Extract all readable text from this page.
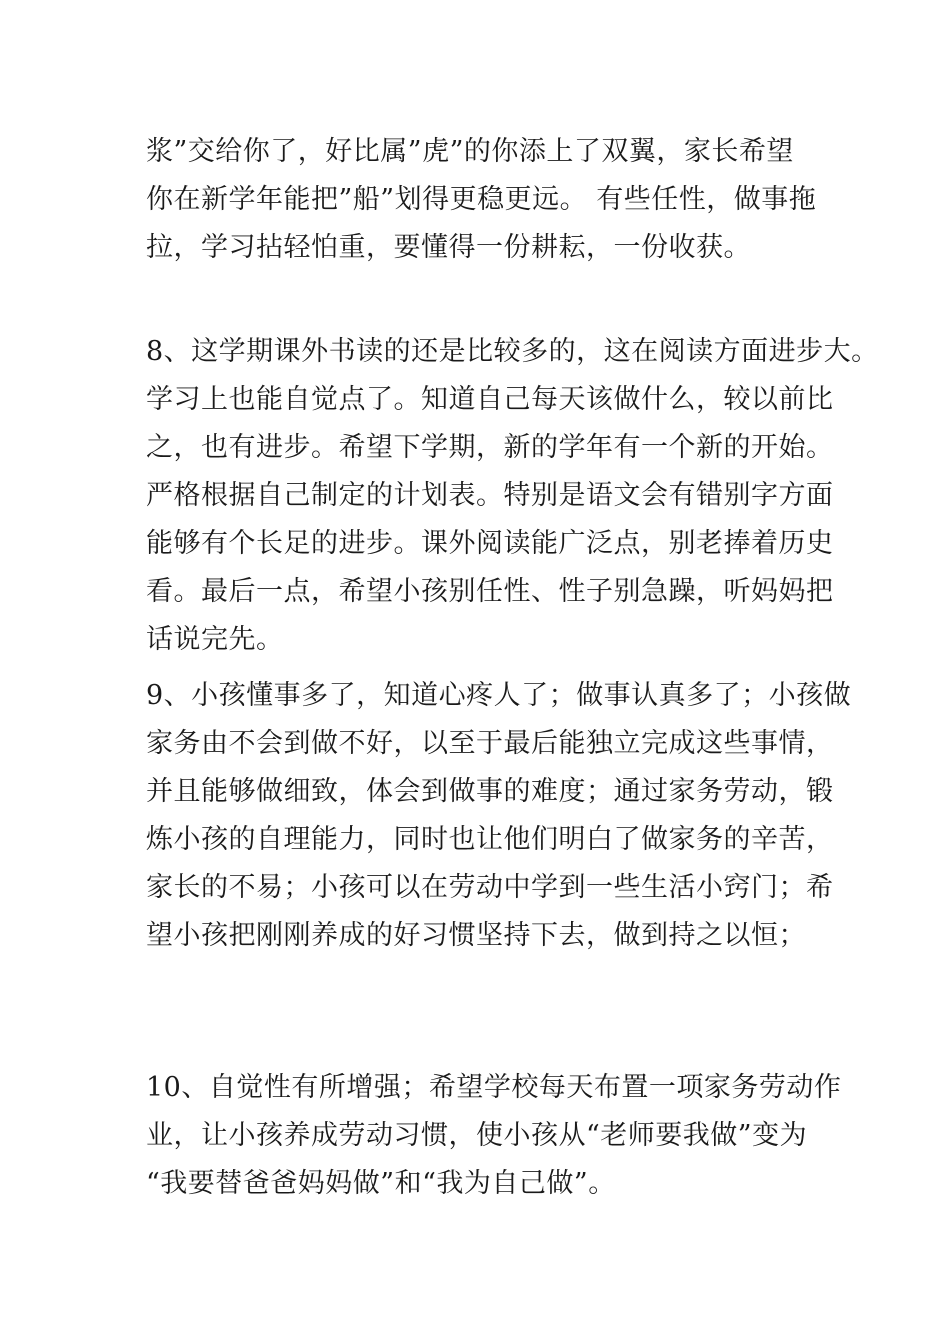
浆”交给你了，好比属”虎”的你添上了双翼，家长希望
你在新学年能把”船”划得更稳更远。 有些任性，做事拖
拉，学习拈轻怕重，要懂得一份耕耘，一份收获。
8、这学期课外书读的还是比较多的，这在阅读方面进步大。
学习上也能自觉点了。知道自己每天该做什么，较以前比
之，也有进步。希望下学期，新的学年有一个新的开始。
严格根据自己制定的计划表。特别是语文会有错别字方面
能够有个长足的进步。课外阅读能广泛点，别老捧着历史
看。最后一点，希望小孩别任性、性子别急躁，听妈妈把
话说完先。
9、小孩懂事多了，知道心疼人了；做事认真多了；小孩做
家务由不会到做不好，以至于最后能独立完成这些事情，
并且能够做细致，体会到做事的难度；通过家务劳动，锻
炼小孩的自理能力，同时也让他们明白了做家务的辛苦，
家长的不易；小孩可以在劳动中学到一些生活小窍门；希
望小孩把刚刚养成的好习惯坚持下去，做到持之以恒；
10、自觉性有所增强；希望学校每天布置一项家务劳动作
业，让小孩养成劳动习惯，使小孩从“老师要我做”变为
“我要替爸爸妈妈做”和“我为自己做”。
